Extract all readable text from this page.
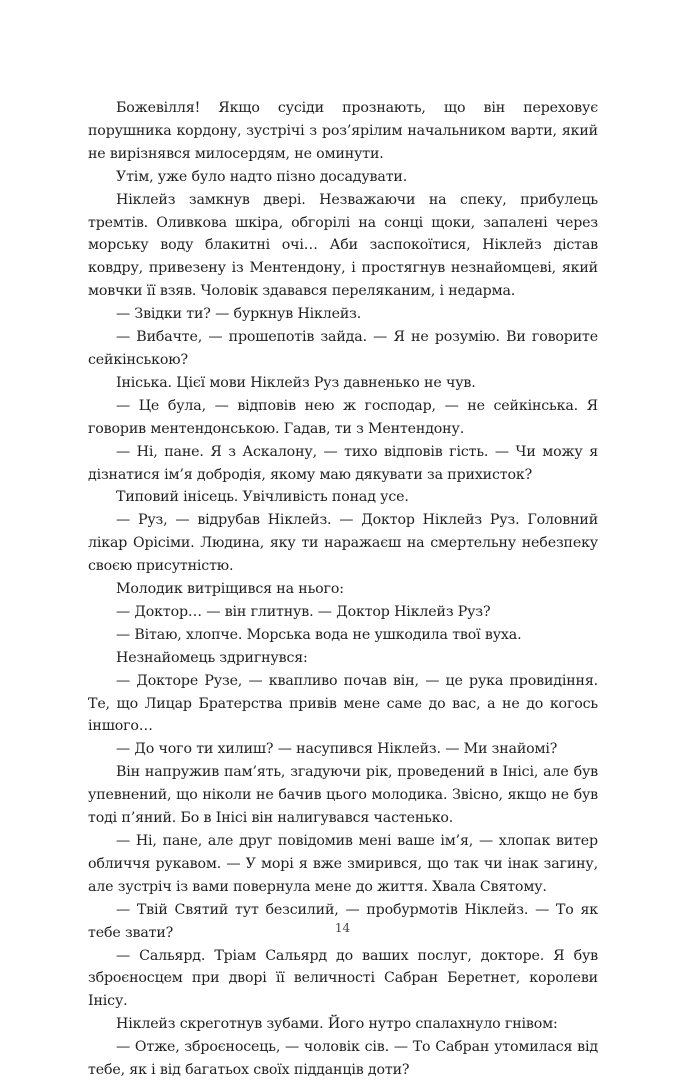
Божевілля! Якщо сусіди прознають, що він переховує порушника кордону, зустрічі з роз’ярілим начальником варти, який не вирізнявся милосердям, не оминути.

Утім, уже було надто пізно досадувати.

Ніклейз замкнув двері. Незважаючи на спеку, прибулець тремтів. Оливкова шкіра, обгорілі на сонці щоки, запалені через морську воду блакитні очі… Аби заспокоїтися, Ніклейз дістав ковдру, привезену із Ментендону, і простягнув незнайомцеві, який мовчки її взяв. Чоловік здавався переляканим, і недарма.

— Звідки ти? — буркнув Ніклейз.

— Вибачте, — прошепотів зайда. — Я не розумію. Ви говорите сейкінською?

Ініська. Цієї мови Ніклейз Руз давненько не чув.

— Це була, — відповів нею ж господар, — не сейкінська. Я говорив ментендонською. Гадав, ти з Ментендону.

— Ні, пане. Я з Аскалону, — тихо відповів гість. — Чи можу я дізнатися ім’я добродія, якому маю дякувати за прихисток?

Типовий інісець. Увічливість понад усе.

— Руз, — відрубав Ніклейз. — Доктор Ніклейз Руз. Головний лікар Орісіми. Людина, яку ти наражаєш на смертельну небезпеку своєю присутністю.

Молодик витріщився на нього:

— Доктор… — він глитнув. — Доктор Ніклейз Руз?

— Вітаю, хлопче. Морська вода не ушкодила твої вуха.

Незнайомець здригнувся:

— Докторе Рузе, — квапливо почав він, — це рука провидіння. Те, що Лицар Братерства привів мене саме до вас, а не до когось іншого…

— До чого ти хилиш? — насупився Ніклейз. — Ми знайомі?

Він напружив пам’ять, згадуючи рік, проведений в Інісі, але був упевнений, що ніколи не бачив цього молодика. Звісно, якщо не був тоді п’яний. Бо в Інісі він налигувався частенько.

— Ні, пане, але друг повідомив мені ваше ім’я, — хлопак витер обличчя рукавом. — У морі я вже змирився, що так чи інак загину, але зустріч із вами повернула мене до життя. Хвала Святому.

— Твій Святий тут безсилий, — пробурмотів Ніклейз. — То як тебе звати?

— Сальярд. Тріам Сальярд до ваших послуг, докторе. Я був зброєносцем при дворі її величності Сабран Беретнет, королеви Інісу.

Ніклейз скреготнув зубами. Його нутро спалахнуло гнівом:

— Отже, зброєносець, — чоловік сів. — То Сабран утомилася від тебе, як і від багатьох своїх підданців доти?

14
